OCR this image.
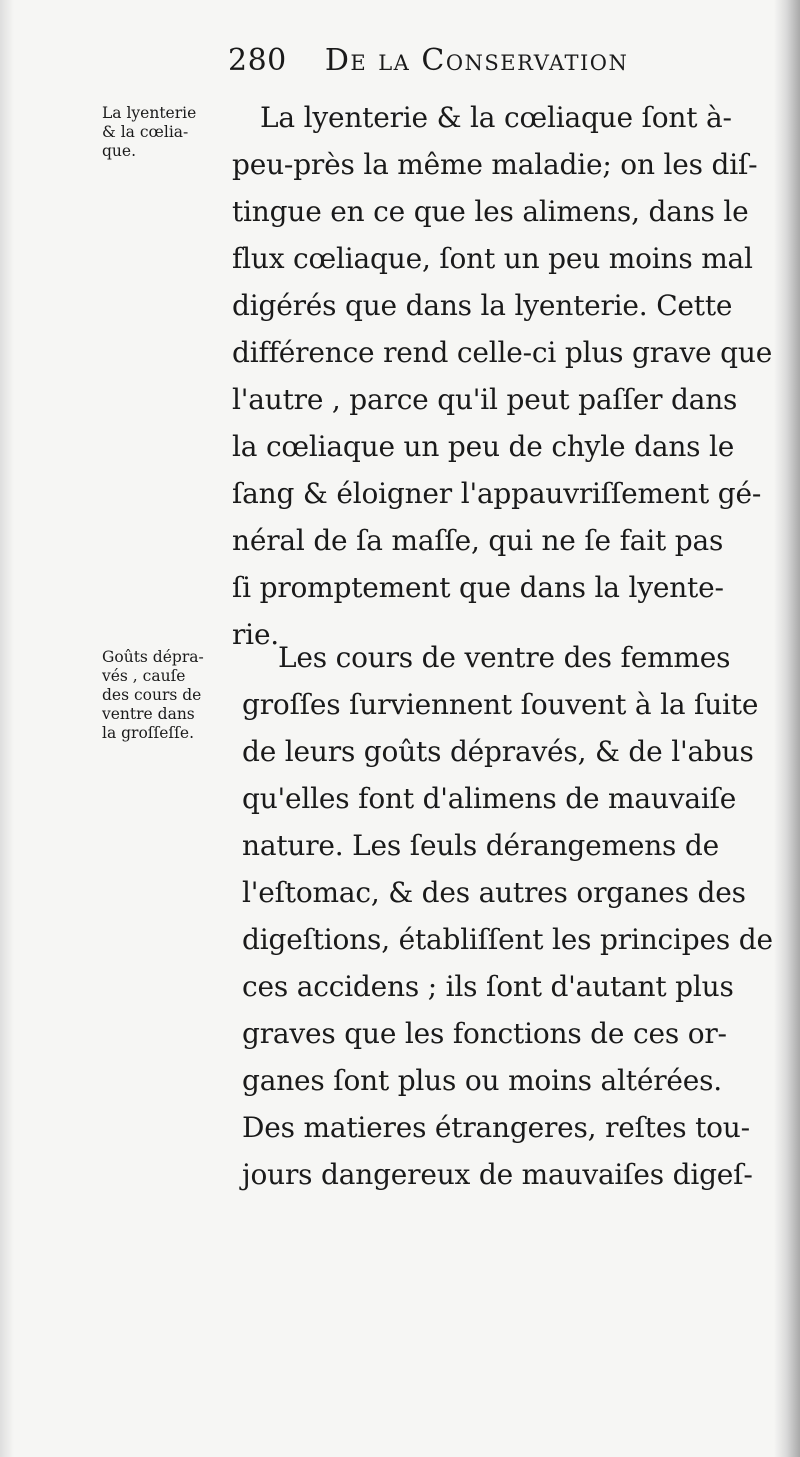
280 De la Conservation
La lyenterie
& la cœlia-
que.
La lyenterie & la cœliaque ſont à-
peu-près la même maladie; on les diſ-
tingue en ce que les alimens, dans le
flux cœliaque, ſont un peu moins mal
digérés que dans la lyenterie. Cette
différence rend celle-ci plus grave que
l'autre , parce qu'il peut paſſer dans
la cœliaque un peu de chyle dans le
ſang & éloigner l'appauvriſſement gé-
néral de ſa maſſe, qui ne ſe fait pas
ſi promptement que dans la lyente-
rie.
Goûts dépra-
vés , cauſe
des cours de
ventre dans
la groſſeſſe.
Les cours de ventre des femmes
groſſes ſurviennent ſouvent à la ſuite
de leurs goûts dépravés, & de l'abus
qu'elles font d'alimens de mauvaiſe
nature. Les ſeuls dérangemens de
l'eſtomac, & des autres organes des
digeſtions, établiſſent les principes de
ces accidens ; ils ſont d'autant plus
graves que les fonctions de ces or-
ganes ſont plus ou moins altérées.
Des matieres étrangeres, reſtes tou-
jours dangereux de mauvaiſes digeſ-
